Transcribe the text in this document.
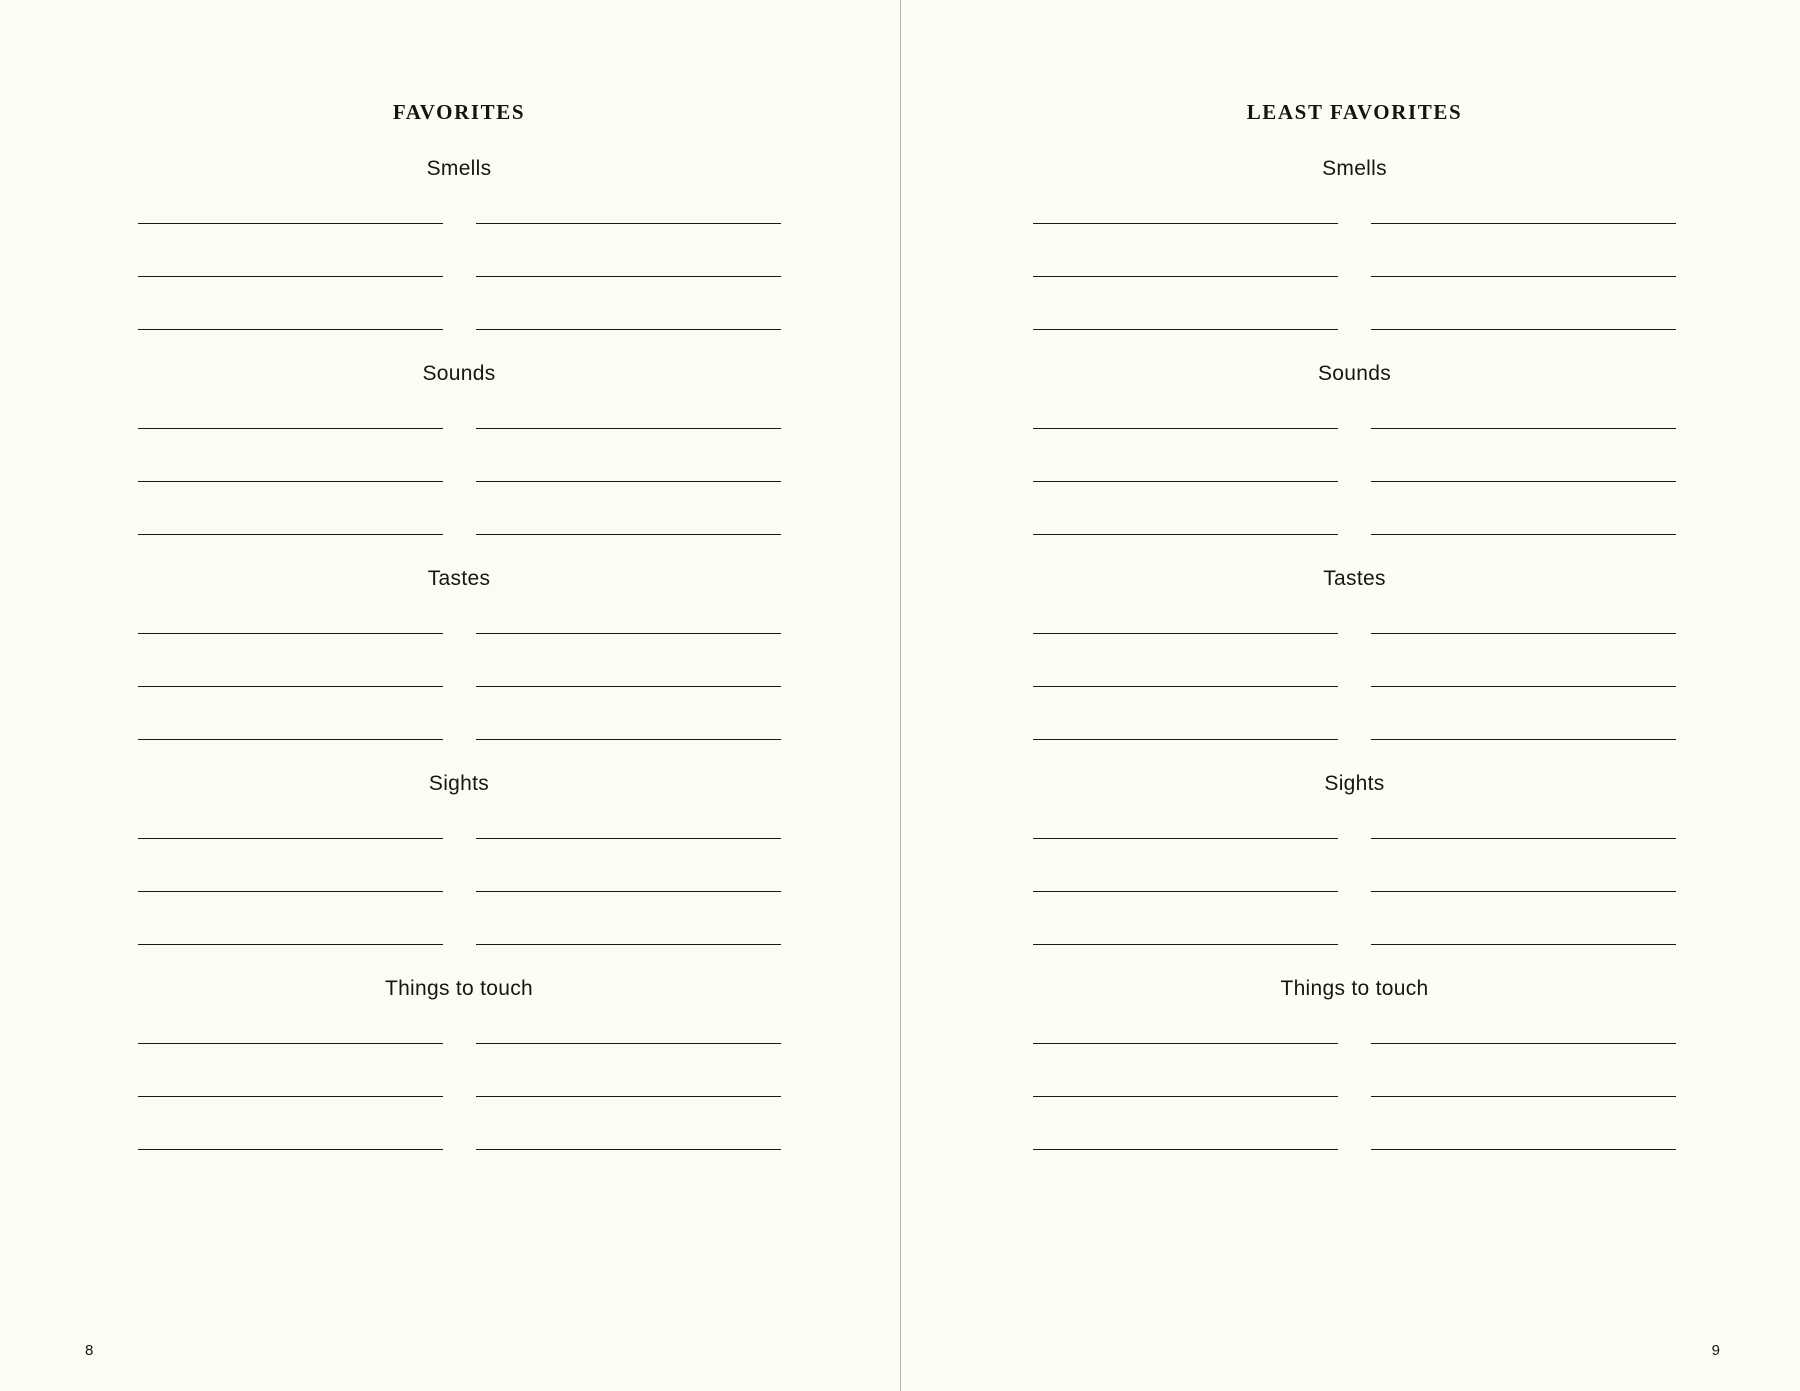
FAVORITES
Smells
Sounds
Tastes
Sights
Things to touch
8
LEAST FAVORITES
Smells
Sounds
Tastes
Sights
Things to touch
9
